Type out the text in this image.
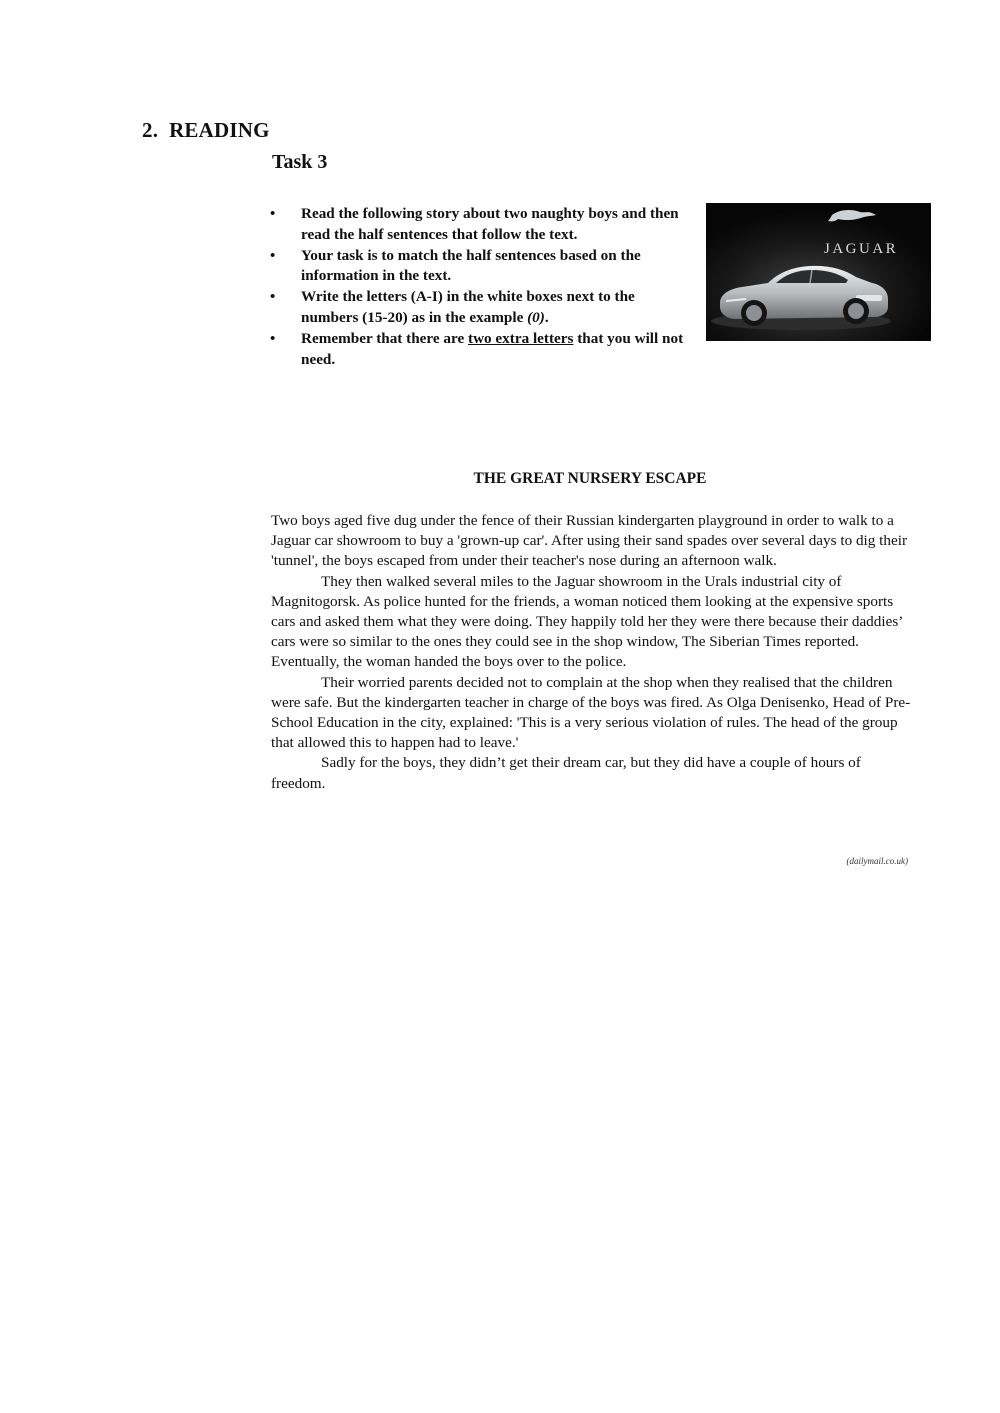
2. READING
Task 3
• Read the following story about two naughty boys and then read the half sentences that follow the text.
• Your task is to match the half sentences based on the information in the text.
• Write the letters (A-I) in the white boxes next to the numbers (15-20) as in the example (0).
• Remember that there are two extra letters that you will not need.
JAGUAR
THE GREAT NURSERY ESCAPE

Two boys aged five dug under the fence of their Russian kindergarten playground in order to walk to a Jaguar car showroom to buy a 'grown-up car'. After using their sand spades over several days to dig their 'tunnel', the boys escaped from under their teacher's nose during an afternoon walk.

They then walked several miles to the Jaguar showroom in the Urals industrial city of Magnitogorsk. As police hunted for the friends, a woman noticed them looking at the expensive sports cars and asked them what they were doing. They happily told her they were there because their daddies’ cars were so similar to the ones they could see in the shop window, The Siberian Times reported. Eventually, the woman handed the boys over to the police.

Their worried parents decided not to complain at the shop when they realised that the children were safe. But the kindergarten teacher in charge of the boys was fired. As Olga Denisenko, Head of Pre-School Education in the city, explained: 'This is a very serious violation of rules. The head of the group that allowed this to happen had to leave.'

Sadly for the boys, they didn’t get their dream car, but they did have a couple of hours of freedom.

(dailymail.co.uk)
